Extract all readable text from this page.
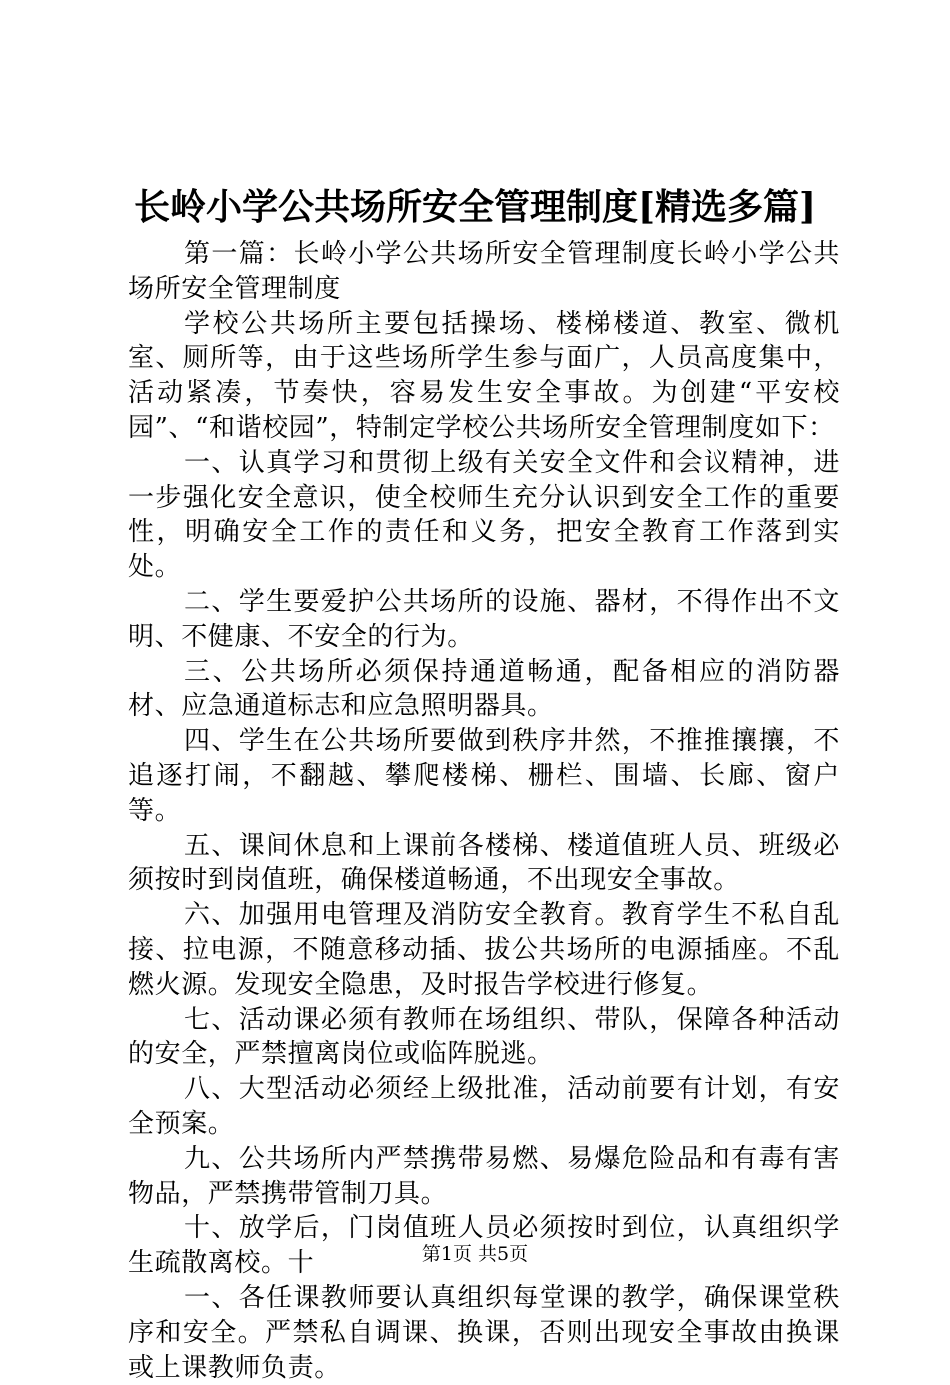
长岭小学公共场所安全管理制度[精选多篇]

第一篇：长岭小学公共场所安全管理制度长岭小学公共场所安全管理制度

学校公共场所主要包括操场、楼梯楼道、教室、微机室、厕所等，由于这些场所学生参与面广，人员高度集中，活动紧凑，节奏快，容易发生安全事故。为创建“平安校园”、“和谐校园”，特制定学校公共场所安全管理制度如下：

一、认真学习和贯彻上级有关安全文件和会议精神，进一步强化安全意识，使全校师生充分认识到安全工作的重要性，明确安全工作的责任和义务，把安全教育工作落到实处。

二、学生要爱护公共场所的设施、器材，不得作出不文明、不健康、不安全的行为。

三、公共场所必须保持通道畅通，配备相应的消防器材、应急通道标志和应急照明器具。

四、学生在公共场所要做到秩序井然，不推推攘攘，不追逐打闹，不翻越、攀爬楼梯、栅栏、围墙、长廊、窗户等。

五、课间休息和上课前各楼梯、楼道值班人员、班级必须按时到岗值班，确保楼道畅通，不出现安全事故。

六、加强用电管理及消防安全教育。教育学生不私自乱接、拉电源，不随意移动插、拔公共场所的电源插座。不乱燃火源。发现安全隐患，及时报告学校进行修复。

七、活动课必须有教师在场组织、带队，保障各种活动的安全，严禁擅离岗位或临阵脱逃。

八、大型活动必须经上级批准，活动前要有计划，有安全预案。

九、公共场所内严禁携带易燃、易爆危险品和有毒有害物品，严禁携带管制刀具。

十、放学后，门岗值班人员必须按时到位，认真组织学生疏散离校。十

一、各任课教师要认真组织每堂课的教学，确保课堂秩序和安全。严禁私自调课、换课，否则出现安全事故由换课或上课教师负责。

第1页 共5页
